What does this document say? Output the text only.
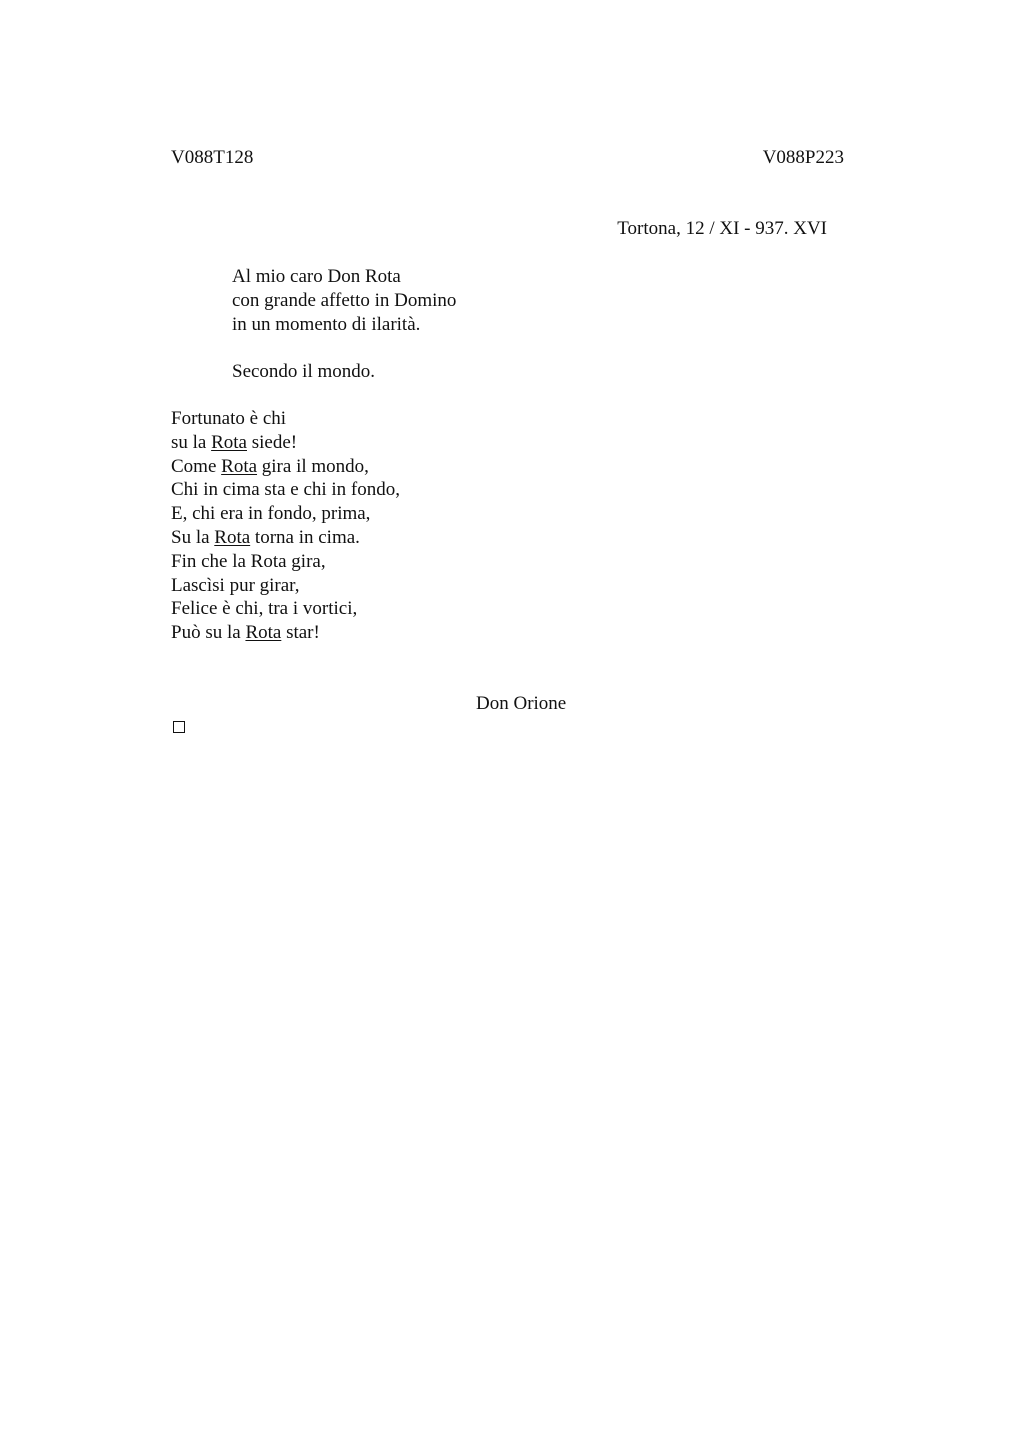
V088T128	V088P223
Tortona, 12 / XI - 937. XVI
Al mio caro Don Rota
con grande affetto in Domino
in un momento di ilarità.
Secondo il mondo.
Fortunato è chi
su la Rota siede!
Come Rota gira il mondo,
Chi in cima sta e chi in fondo,
E, chi era in fondo, prima,
Su la Rota torna in cima.
Fin che la Rota gira,
Lascìsi pur girar,
Felice è chi, tra i vortici,
Può su la Rota star!
Don Orione
